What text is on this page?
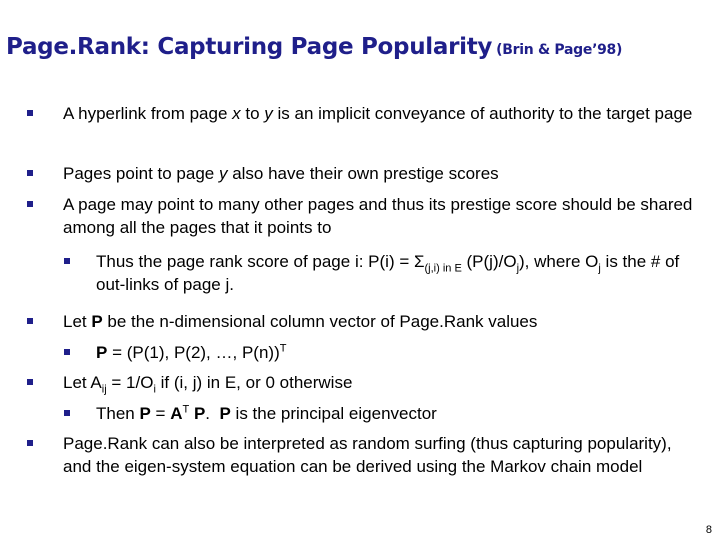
Page.Rank: Capturing Page Popularity (Brin & Page’98)
A hyperlink from page x to y is an implicit conveyance of authority to the target page
Pages point to page y also have their own prestige scores
A page may point to many other pages and thus its prestige score should be shared among all the pages that it points to
Thus the page rank score of page i: $P(i) = \Sigma_{(j,i) in E}$ $(P(j)/O_j)$, where $O_j$ is the # of out-links of page j.
Let P be the n-dimensional column vector of Page.Rank values
P = (P(1), P(2), …, P(n))$^T$
Let $A_{ij} = 1/O_i$ if (i, j) in E, or 0 otherwise
Then $P = A^T$ P.  P is the principal eigenvector
Page.Rank can also be interpreted as random surfing (thus capturing popularity), and the eigen-system equation can be derived using the Markov chain model
8
